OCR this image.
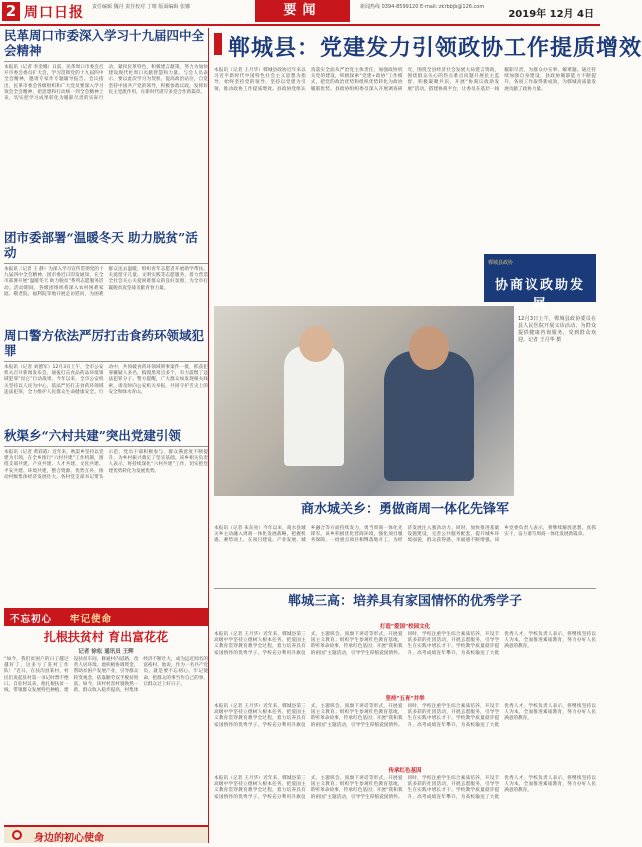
2 周口日报 责任编辑 魏丹 责任校对 丁晴 版面编辑 张娜	要闻	新闻热线 0394-8599120 E-mail: zkrbbjb@126.com
2019年 12月 4日
民革周口市委深入学习十九届四中全会精神

本报讯（记者 李金娜）日前，民革周口市委会召开市委会委员扩大会，学习贯彻党的十九届四中全会精神，邀请专家作专题辅导报告。会议指出，民革市委会各级组织和广大党员要深入学习领会全会精神，把思想和行动统一到全会精神上来，切实把学习成果转化为履职尽责的实际行动，紧扣民革特色，积极建言献策，努力为加快建设现代化周口贡献智慧和力量。与会人员表示，要以此次学习为契机，提高政治站位，自觉坚持中国共产党的领导，积极参政议政，发挥好民主党派作用，在新时代谱写多党合作新篇章。

团市委部署“温暖冬天 助力脱贫”活动

本报讯（记者 王 静）为深入学习宣传贯彻党的十九届四中全会精神，团市委近日印发通知，在全市部署开展“温暖冬天 助力脱贫”系列志愿服务活动。活动期间，各级团组织将深入农村困难家庭、敬老院、福利院等地开展走访慰问，为困难群众送去温暖，组织青年志愿者开展助学帮扶、关爱留守儿童、文明实践等志愿服务，着力营造全社会关心关爱困难群众的良好氛围，为全市打赢脱贫攻坚战贡献青春力量。

周口警方依法严厉打击食药环领域犯罪

本报讯（记者 刘德军）12月3日上午，全市公安机关召开新闻发布会，通报打击食品药品环境领域犯罪“昆仑”行动战果。今年以来，全市公安机关坚持以人民为中心，依法严厉打击食药环领域违法犯罪，全力维护人民群众生命健康安全。行动中，共侦破食药环领域刑事案件一批，抓获犯罪嫌疑人多名，捣毁黑窝点多个，有力震慑了违法犯罪分子。警方提醒，广大群众如发现相关线索，请及时向公安机关举报，共同守护舌尖上的安全和绿水青山。

秋渠乡“六村共建”突出党建引领

本报讯（记者 黄彩霞）近年来，秋渠乡坚持以党建为引领，在全乡推行“六村共建”工作机制，围绕支部共建、产业共建、人才共建、文化共建、平安共建、环境共建，整合资源、优势互补，推动村级集体经济发展壮大。各村党支部书记带头示范，党员干部积极参与，群众满意度不断提升，为乡村振兴奠定了坚实基础。该乡相关负责人表示，将持续深化“六村共建”工作，切实把党建优势转化为发展优势。

不忘初心 牢记使命
扎根扶贫村 育出富花花
记者 徐松 通讯员 王辉

“如今，我们贫困户的日子越过越好了，这多亏了驻村工作队！”近日，在扶沟县某村，村民们说起驻村第一书记时赞不绝口。自驻村以来，他扎根扶贫一线，带领群众发展特色种植，建设扶贫车间，修通村内道路，改善人居环境。他积极协调资金，帮助贫困户发展产业，引导群众转变观念，依靠勤劳双手脱贫致富。如今，该村村容村貌焕然一新，群众收入稳步提高，村集体经济不断壮大，成为远近闻名的富裕村。他说，作为一名共产党员，就是要不忘初心、牢记使命，把群众的事当作自己的事，让群众过上好日子。

身边的初心使命
郸城县：党建发力引领政协工作提质增效

本报讯（记者 王月华）郸城县政协近年来以习近平新时代中国特色社会主义思想为指导，始终坚持党的领导，坚持以党建为引领，推动政协工作提质增效。县政协党组认真落实全面从严治党主体责任，加强政协机关党的建设，积极探索“党建+政协”工作模式，把党的政治优势和组织优势转化为政协履职优势。县政协组织委员深入开展调查研究，围绕全县经济社会发展大局建言资政，围绕群众关心的热点难点问题开展民主监督，积极凝聚共识。开展“协商议政助发展”活动，搭建协商平台，让委员在基层一线履职尽责，为群众办实事、解难题。通过持续加强自身建设，县政协履职能力不断提升，各项工作取得新成效，为郸城高质量发展贡献了政协力量。

郸城县政协
协商议政助发展

12月3日上午，郸城县政协委员在县人民医院开展义诊活动，为群众提供健康咨询服务，受到群众欢迎。记者 王月华 摄

商水城关乡：勇做商周一体化先锋军

本报讯（记者 朱东亮）今年以来，商水县城关乡主动融入周商一体化发展战略，把握机遇、乘势而上，在项目建设、产业发展、城乡融合等方面持续发力，勇当周商一体化先锋军。该乡积极优化营商环境，强化项目服务保障，一批重点项目相继落地开工，为经济发展注入强劲动力。同时，加快推进基础设施建设，完善公共服务配套，提升城乡环境面貌，群众获得感、幸福感不断增强。该乡党委负责人表示，将继续解放思想、真抓实干，奋力谱写周商一体化发展新篇章。

郸城三高：培养具有家国情怀的优秀学子
打造“爱国”校园文化

本报讯（记者 王月华）近年来，郸城县第三高级中学坚持立德树人根本任务，把爱国主义教育贯穿教育教学全过程，着力培养具有家国情怀的优秀学子。学校充分利用升旗仪式、主题班会、国旗下讲话等形式，开展爱国主义教育；组织学生参观红色教育基地，聆听革命故事，传承红色基因；开展“我和我的祖国”主题活动，引导学生厚植爱国情怀。同时，学校注重学生综合素质培养，开设丰富多彩的社团活动，开展志愿服务，引导学生在实践中增长才干。学校教学质量稳步提升，高考成绩连年攀升，为高校输送了大批优秀人才。学校负责人表示，将继续坚持以人为本，全面推进素质教育，努力办好人民满意的教育。

坚持“五育”并举

本报讯（记者 王月华）近年来，郸城县第三高级中学坚持立德树人根本任务，把爱国主义教育贯穿教育教学全过程，着力培养具有家国情怀的优秀学子。学校充分利用升旗仪式、主题班会、国旗下讲话等形式，开展爱国主义教育；组织学生参观红色教育基地，聆听革命故事，传承红色基因；开展“我和我的祖国”主题活动，引导学生厚植爱国情怀。同时，学校注重学生综合素质培养，开设丰富多彩的社团活动，开展志愿服务，引导学生在实践中增长才干。学校教学质量稳步提升，高考成绩连年攀升，为高校输送了大批优秀人才。学校负责人表示，将继续坚持以人为本，全面推进素质教育，努力办好人民满意的教育。

传承红色基因

本报讯（记者 王月华）近年来，郸城县第三高级中学坚持立德树人根本任务，把爱国主义教育贯穿教育教学全过程，着力培养具有家国情怀的优秀学子。学校充分利用升旗仪式、主题班会、国旗下讲话等形式，开展爱国主义教育；组织学生参观红色教育基地，聆听革命故事，传承红色基因；开展“我和我的祖国”主题活动，引导学生厚植爱国情怀。同时，学校注重学生综合素质培养，开设丰富多彩的社团活动，开展志愿服务，引导学生在实践中增长才干。学校教学质量稳步提升，高考成绩连年攀升，为高校输送了大批优秀人才。学校负责人表示，将继续坚持以人为本，全面推进素质教育，努力办好人民满意的教育。
